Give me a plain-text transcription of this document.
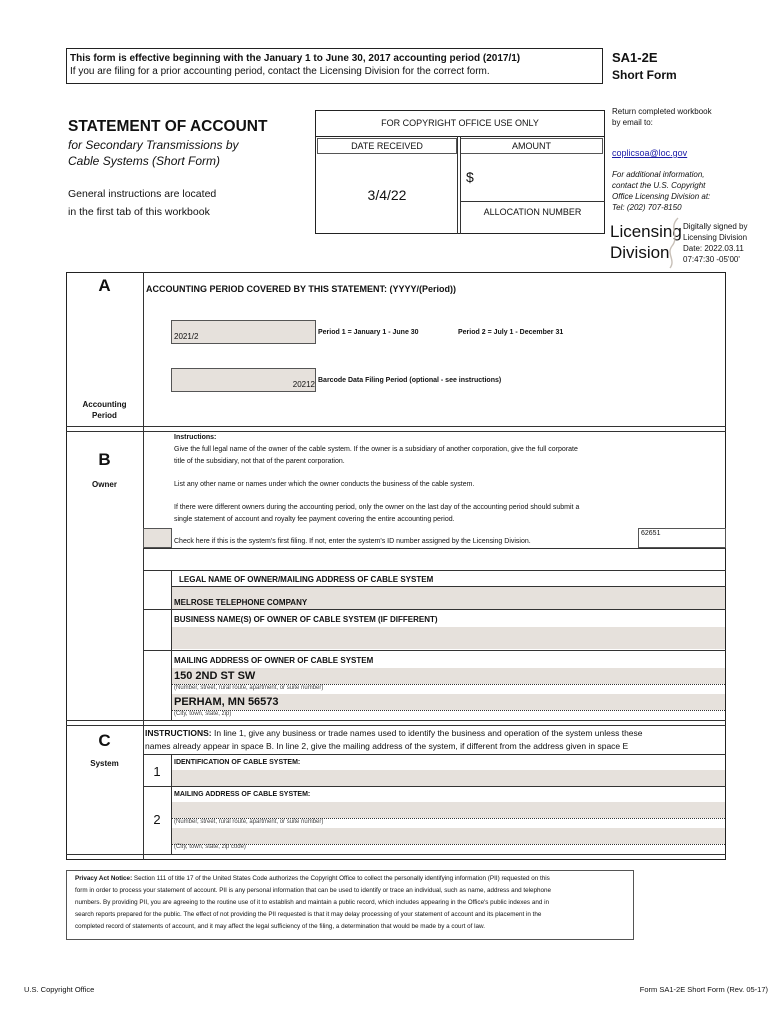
This form is effective beginning with the January 1 to June 30, 2017 accounting period (2017/1)
If you are filing for a prior accounting period, contact the Licensing Division for the correct form.
SA1-2E
Short Form
STATEMENT OF ACCOUNT
for Secondary Transmissions by
Cable Systems (Short Form)
General instructions are located
in the first tab of this workbook
FOR COPYRIGHT OFFICE USE ONLY
DATE RECEIVED	AMOUNT
3/4/22
$
ALLOCATION NUMBER
Return completed workbook
by email to:
coplicsoa@loc.gov
For additional information,
contact the U.S. Copyright
Office Licensing Division at:
Tel: (202) 707-8150
Licensing
Division
Digitally signed by
Licensing Division
Date: 2022.03.11
07:47:30 -05'00'
A
Accounting
Period
ACCOUNTING PERIOD COVERED BY THIS STATEMENT: (YYYY/(Period))
2021/2	Period 1 = January 1 - June 30	Period 2 = July 1 - December 31
20212 Barcode Data Filing Period (optional - see instructions)
B
Owner
Instructions:
Give the full legal name of the owner of the cable system. If the owner is a subsidiary of another corporation, give the full corporate
title of the subsidiary, not that of the parent corporation.
List any other name or names under which the owner conducts the business of the cable system.
If there were different owners during the accounting period, only the owner on the last day of the accounting period should submit a
single statement of account and royalty fee payment covering the entire accounting period.
Check here if this is the system's first filing. If not, enter the system's ID number assigned by the Licensing Division.
62651
LEGAL NAME OF OWNER/MAILING ADDRESS OF CABLE SYSTEM
MELROSE TELEPHONE COMPANY
BUSINESS NAME(S) OF OWNER OF CABLE SYSTEM (IF DIFFERENT)
MAILING ADDRESS OF OWNER OF CABLE SYSTEM
150 2ND ST SW
(Number, street, rural route, apartment, or suite number)
PERHAM, MN 56573
(City, town, state, zip)
C
System
INSTRUCTIONS: In line 1, give any business or trade names used to identify the business and operation of the system unless these
names already appear in space B. In line 2, give the mailing address of the system, if different from the address given in space E
1
IDENTIFICATION OF CABLE SYSTEM:
MAILING ADDRESS OF CABLE SYSTEM:
2	(Number, street, rural route, apartment, or suite number)
(City, town, state, zip code)
Privacy Act Notice: Section 111 of title 17 of the United States Code authorizes the Copyright Office to collect the personally identifying information (PII) requested on this
form in order to process your statement of account. PII is any personal information that can be used to identify or trace an individual, such as name, address and telephone
numbers. By providing PII, you are agreeing to the routine use of it to establish and maintain a public record, which includes appearing in the Office's public indexes and in
search reports prepared for the public. The effect of not providing the PII requested is that it may delay processing of your statement of account and its placement in the
completed record of statements of account, and it may affect the legal sufficiency of the filing, a determination that would be made by a court of law.
U.S. Copyright Office	Form SA1-2E Short Form (Rev. 05-17)
